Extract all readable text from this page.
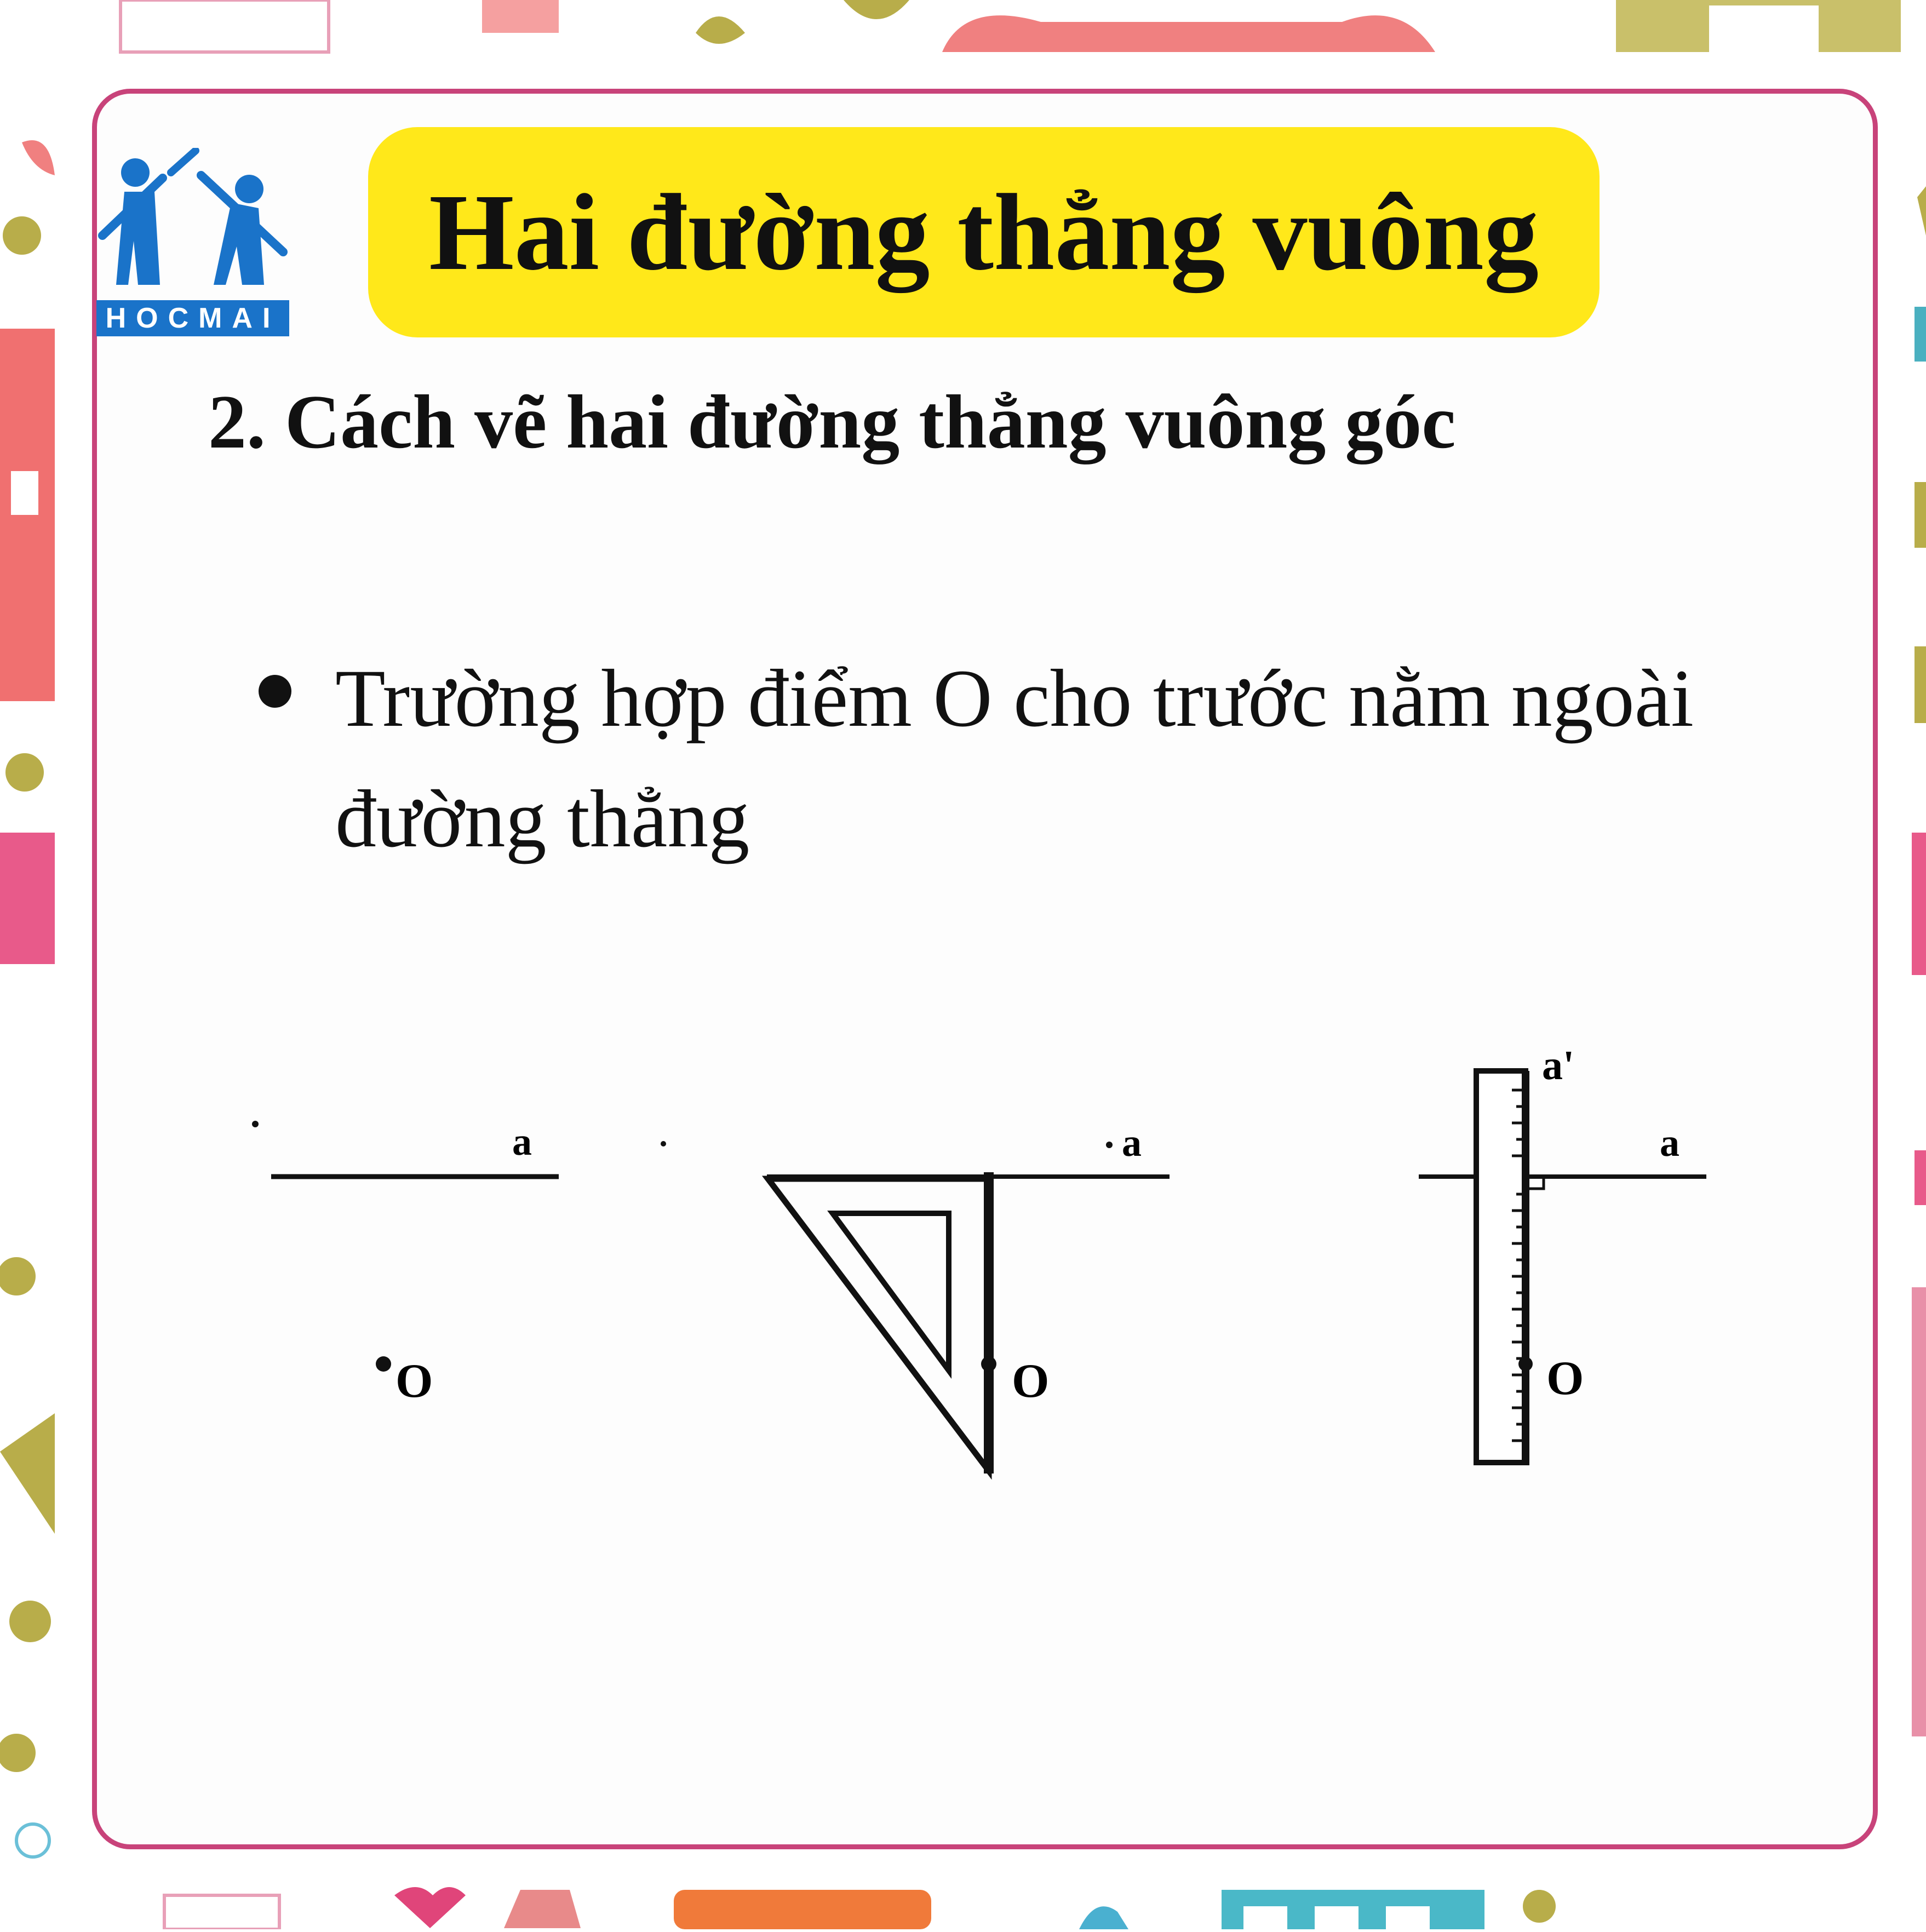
HOCMAI
Hai đường thẳng vuông
2. Cách vẽ hai đường thẳng vuông góc
Trường hợp điểm O cho trước nằm ngoài đường thẳng
a
O
a
O
a
a'
O
